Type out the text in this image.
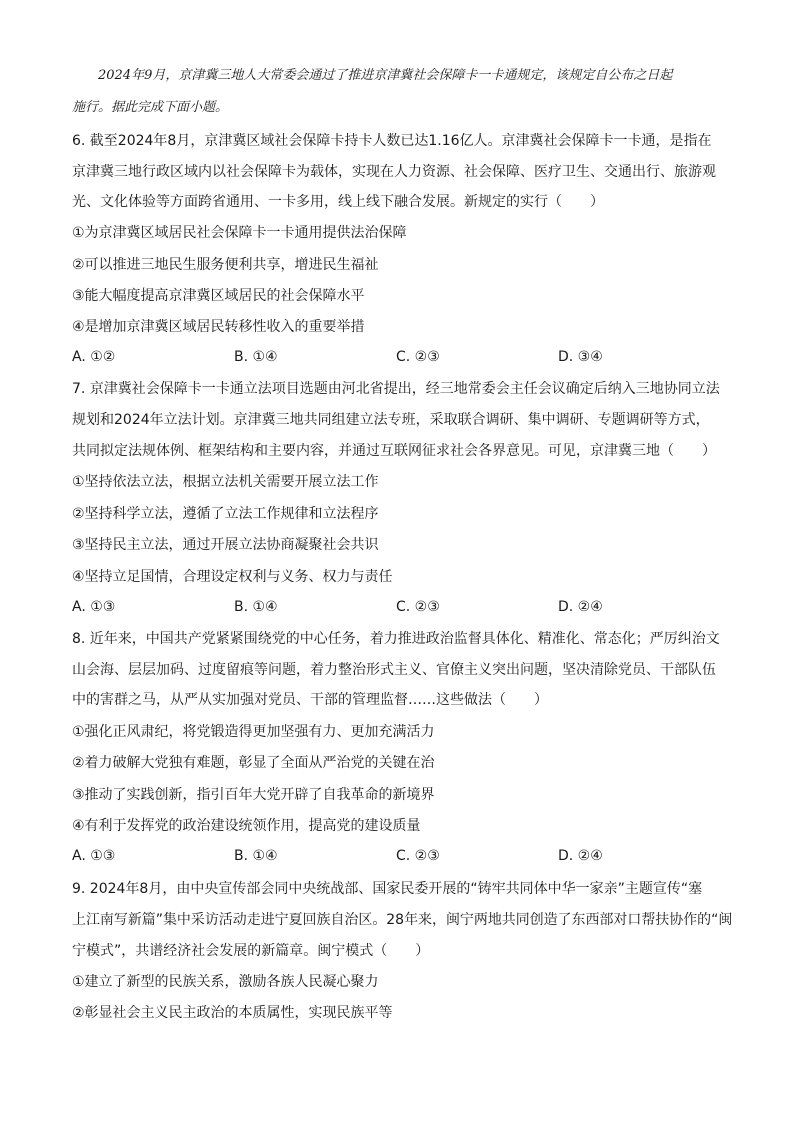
2024年9月，京津冀三地人大常委会通过了推进京津冀社会保障卡一卡通规定，该规定自公布之日起
施行。据此完成下面小题。
6. 截至2024年8月，京津冀区域社会保障卡持卡人数已达1.16亿人。京津冀社会保障卡一卡通，是指在
京津冀三地行政区域内以社会保障卡为载体，实现在人力资源、社会保障、医疗卫生、交通出行、旅游观
光、文化体验等方面跨省通用、一卡多用，线上线下融合发展。新规定的实行（　　）
①为京津冀区域居民社会保障卡一卡通用提供法治保障
②可以推进三地民生服务便利共享，增进民生福祉
③能大幅度提高京津冀区域居民的社会保障水平
④是增加京津冀区域居民转移性收入的重要举措
A. ①②	B. ①④	C. ②③	D. ③④
7. 京津冀社会保障卡一卡通立法项目选题由河北省提出，经三地常委会主任会议确定后纳入三地协同立法
规划和2024年立法计划。京津冀三地共同组建立法专班，采取联合调研、集中调研、专题调研等方式，
共同拟定法规体例、框架结构和主要内容，并通过互联网征求社会各界意见。可见，京津冀三地（　　）
①坚持依法立法，根据立法机关需要开展立法工作
②坚持科学立法，遵循了立法工作规律和立法程序
③坚持民主立法，通过开展立法协商凝聚社会共识
④坚持立足国情，合理设定权利与义务、权力与责任
A. ①③	B. ①④	C. ②③	D. ②④
8. 近年来，中国共产党紧紧围绕党的中心任务，着力推进政治监督具体化、精准化、常态化；严厉纠治文
山会海、层层加码、过度留痕等问题，着力整治形式主义、官僚主义突出问题，坚决清除党员、干部队伍
中的害群之马，从严从实加强对党员、干部的管理监督……这些做法（　　）
①强化正风肃纪，将党锻造得更加坚强有力、更加充满活力
②着力破解大党独有难题，彰显了全面从严治党的关键在治
③推动了实践创新，指引百年大党开辟了自我革命的新境界
④有利于发挥党的政治建设统领作用，提高党的建设质量
A. ①③	B. ①④	C. ②③	D. ②④
9. 2024年8月，由中央宣传部会同中央统战部、国家民委开展的“铸牢共同体中华一家亲”主题宣传“塞
上江南写新篇”集中采访活动走进宁夏回族自治区。28年来，闽宁两地共同创造了东西部对口帮扶协作的“闽
宁模式”，共谱经济社会发展的新篇章。闽宁模式（　　）
①建立了新型的民族关系，激励各族人民凝心聚力
②彰显社会主义民主政治的本质属性，实现民族平等
